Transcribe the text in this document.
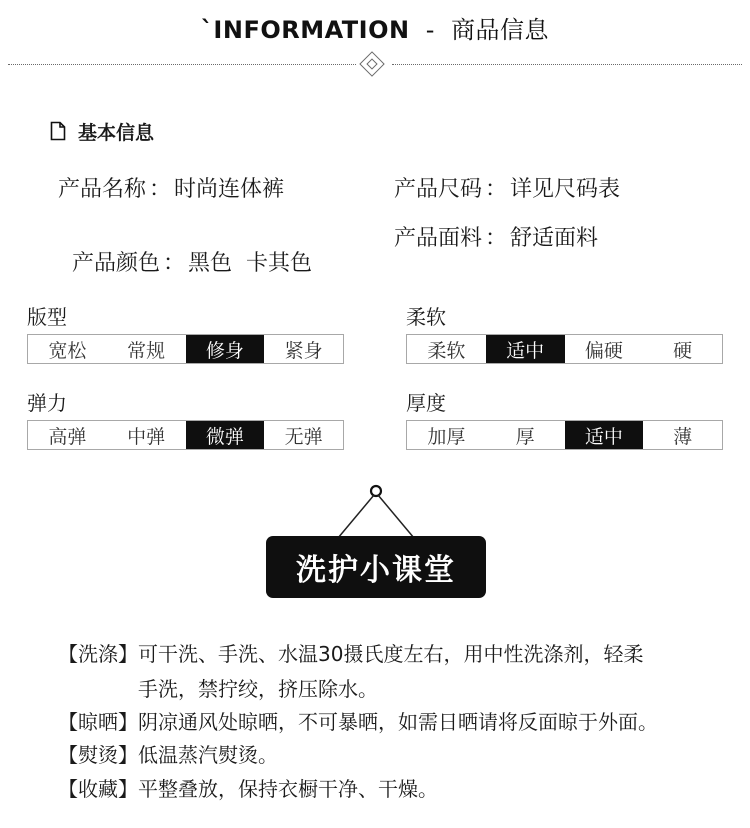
`INFORMATION - 商品信息
基本信息
产品名称 ： 时尚连体裤	产品尺码 ： 详见尺码表

产品颜色 ： 黑色  卡其色

产品面料 ： 舒适面料
版型
宽松	常规	修身	紧身
柔软
柔软	适中	偏硬	硬
弹力
高弹	中弹	微弹	无弹
厚度
加厚	厚	适中	薄
洗护小课堂
【洗涤】可干洗、手洗、水温30摄氏度左右，用中性洗涤剂，轻柔
手洗，禁拧绞，挤压除水。
【晾晒】阴凉通风处晾晒，不可暴晒，如需日晒请将反面晾于外面。
【熨烫】低温蒸汽熨烫。
【收藏】平整叠放，保持衣橱干净、干燥。
